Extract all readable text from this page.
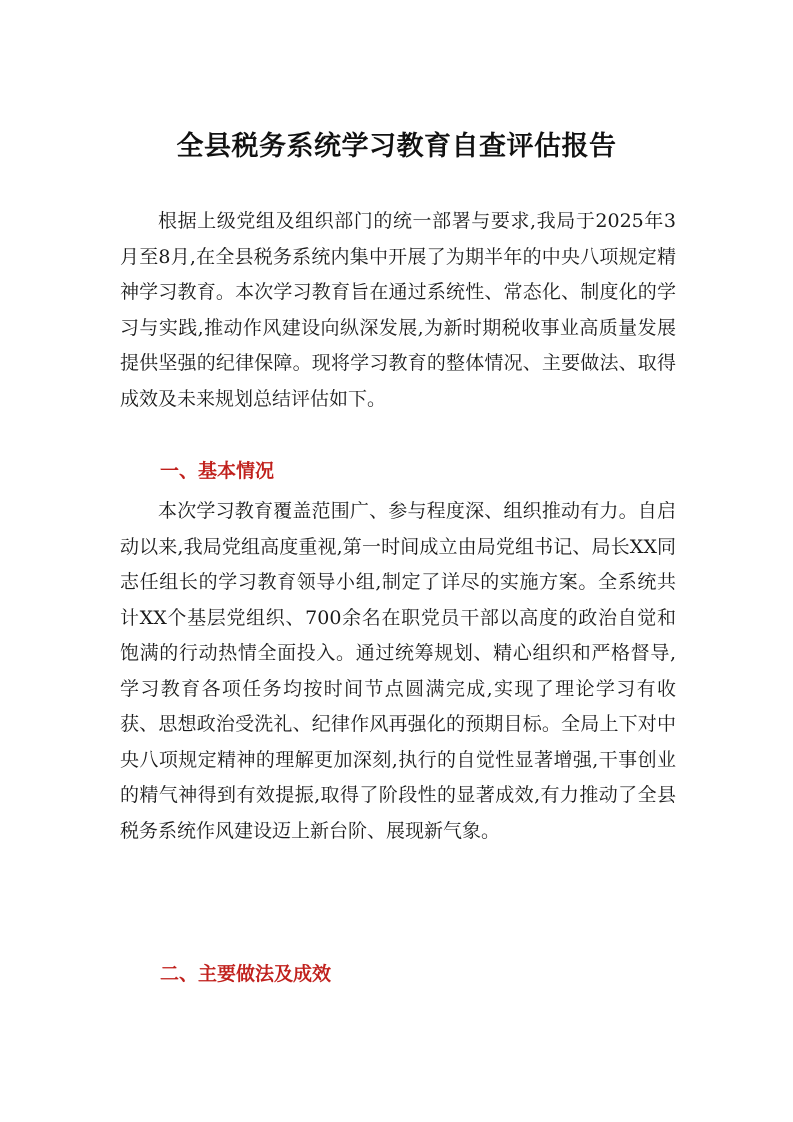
全县税务系统学习教育自查评估报告

根据上级党组及组织部门的统一部署与要求,我局于2025年3月至8月,在全县税务系统内集中开展了为期半年的中央八项规定精神学习教育。本次学习教育旨在通过系统性、常态化、制度化的学习与实践,推动作风建设向纵深发展,为新时期税收事业高质量发展提供坚强的纪律保障。现将学习教育的整体情况、主要做法、取得成效及未来规划总结评估如下。

一、基本情况

本次学习教育覆盖范围广、参与程度深、组织推动有力。自启动以来,我局党组高度重视,第一时间成立由局党组书记、局长XX同志任组长的学习教育领导小组,制定了详尽的实施方案。全系统共计XX个基层党组织、700余名在职党员干部以高度的政治自觉和饱满的行动热情全面投入。通过统筹规划、精心组织和严格督导,学习教育各项任务均按时间节点圆满完成,实现了理论学习有收获、思想政治受洗礼、纪律作风再强化的预期目标。全局上下对中央八项规定精神的理解更加深刻,执行的自觉性显著增强,干事创业的精气神得到有效提振,取得了阶段性的显著成效,有力推动了全县税务系统作风建设迈上新台阶、展现新气象。

二、主要做法及成效
